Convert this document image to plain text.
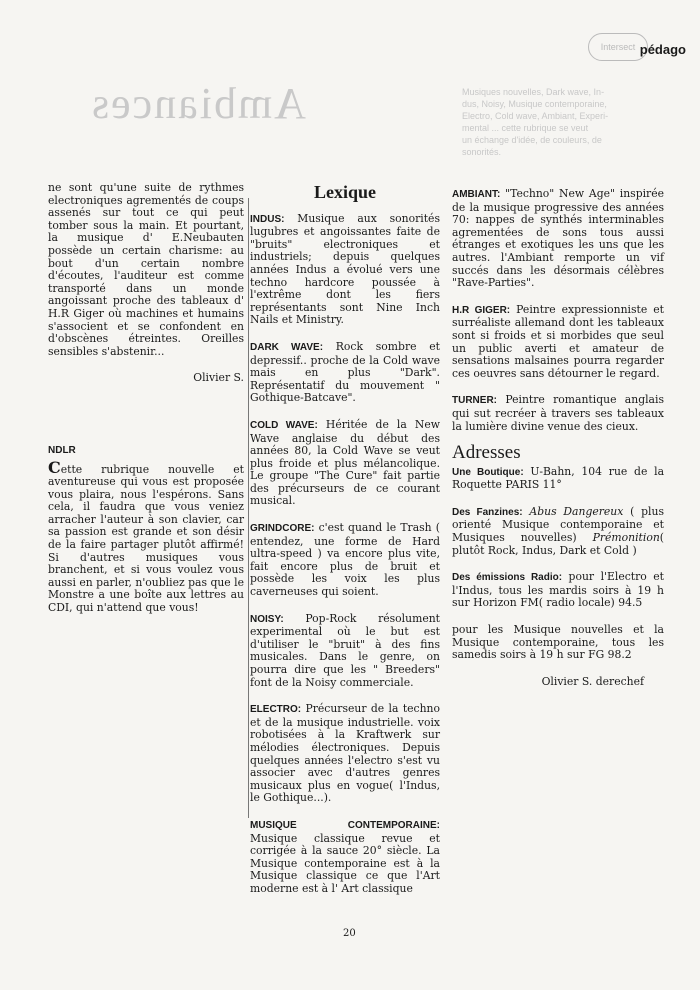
Ambiances	Musiques nouvelles, Dark wave, In-
dus, Noisy, Musique contemporaine,
Electro, Cold wave, Ambiant, Experi-
mental ... cette rubrique se veut
un échange d'idée, de couleurs, de
sonorités.
Intersect pédago

ne sont qu'une suite de rythmes electroniques agrementés de coups assenés sur tout ce qui peut tomber sous la main. Et pourtant, la musique d' E.Neubauten possède un certain charisme: au bout d'un certain nombre d'écoutes, l'auditeur est comme transporté dans un monde angoissant proche des tableaux d' H.R Giger où machines et humains s'associent et se confondent en d'obscènes étreintes. Oreilles sensibles s'abstenir...

Olivier S.

NDLR

Cette rubrique nouvelle et aventureuse qui vous est proposée vous plaira, nous l'espérons. Sans cela, il faudra que vous veniez arracher l'auteur à son clavier, car sa passion est grande et son désir de la faire partager plutôt affirmé! Si d'autres musiques vous branchent, et si vous voulez vous aussi en parler, n'oubliez pas que le Monstre a une boîte aux lettres au CDI, qui n'attend que vous!

Lexique

INDUS: Musique aux sonorités lugubres et angoissantes faite de "bruits" electroniques et industriels; depuis quelques années Indus a évolué vers une techno hardcore poussée à l'extrême dont les fiers représentants sont Nine Inch Nails et Ministry.

DARK WAVE: Rock sombre et depressif.. proche de la Cold wave mais en plus "Dark". Représentatif du mouvement " Gothique-Batcave".

COLD WAVE: Héritée de la New Wave anglaise du début des années 80, la Cold Wave se veut plus froide et plus mélancolique. Le groupe "The Cure" fait partie des précurseurs de ce courant musical.

GRINDCORE: c'est quand le Trash ( entendez, une forme de Hard ultra-speed ) va encore plus vite, fait encore plus de bruit et possède les voix les plus caverneuses qui soient.

NOISY: Pop-Rock résolument experimental où le but est d'utiliser le "bruit" à des fins musicales. Dans le genre, on pourra dire que les " Breeders" font de la Noisy commerciale.

ELECTRO: Précurseur de la techno et de la musique industrielle. voix robotisées à la Kraftwerk sur mélodies électroniques. Depuis quelques années l'electro s'est vu associer avec d'autres genres musicaux plus en vogue( l'Indus, le Gothique...).

MUSIQUE CONTEMPORAINE: Musique classique revue et corrigée à la sauce 20° siècle. La Musique contemporaine est à la Musique classique ce que l'Art moderne est à l' Art classique

AMBIANT: "Techno" New Age" inspirée de la musique progressive des années 70: nappes de synthés interminables agrementées de sons tous aussi étranges et exotiques les uns que les autres. l'Ambiant remporte un vif succés dans les désormais célèbres "Rave-Parties".

H.R GIGER: Peintre expressionniste et surréaliste allemand dont les tableaux sont si froids et si morbides que seul un public averti et amateur de sensations malsaines pourra regarder ces oeuvres sans détourner le regard.

TURNER: Peintre romantique anglais qui sut recréer à travers ses tableaux la lumière divine venue des cieux.

Adresses

Une Boutique: U-Bahn, 104 rue de la Roquette PARIS 11°

Des Fanzines: Abus Dangereux ( plus orienté Musique contemporaine et Musiques nouvelles) Prémonition( plutôt Rock, Indus, Dark et Cold )

Des émissions Radio: pour l'Electro et l'Indus, tous les mardis soirs à 19 h sur Horizon FM( radio locale) 94.5

pour les Musique nouvelles et la Musique contemporaine, tous les samedis soirs à 19 h sur FG 98.2

Olivier S. derechef

20
